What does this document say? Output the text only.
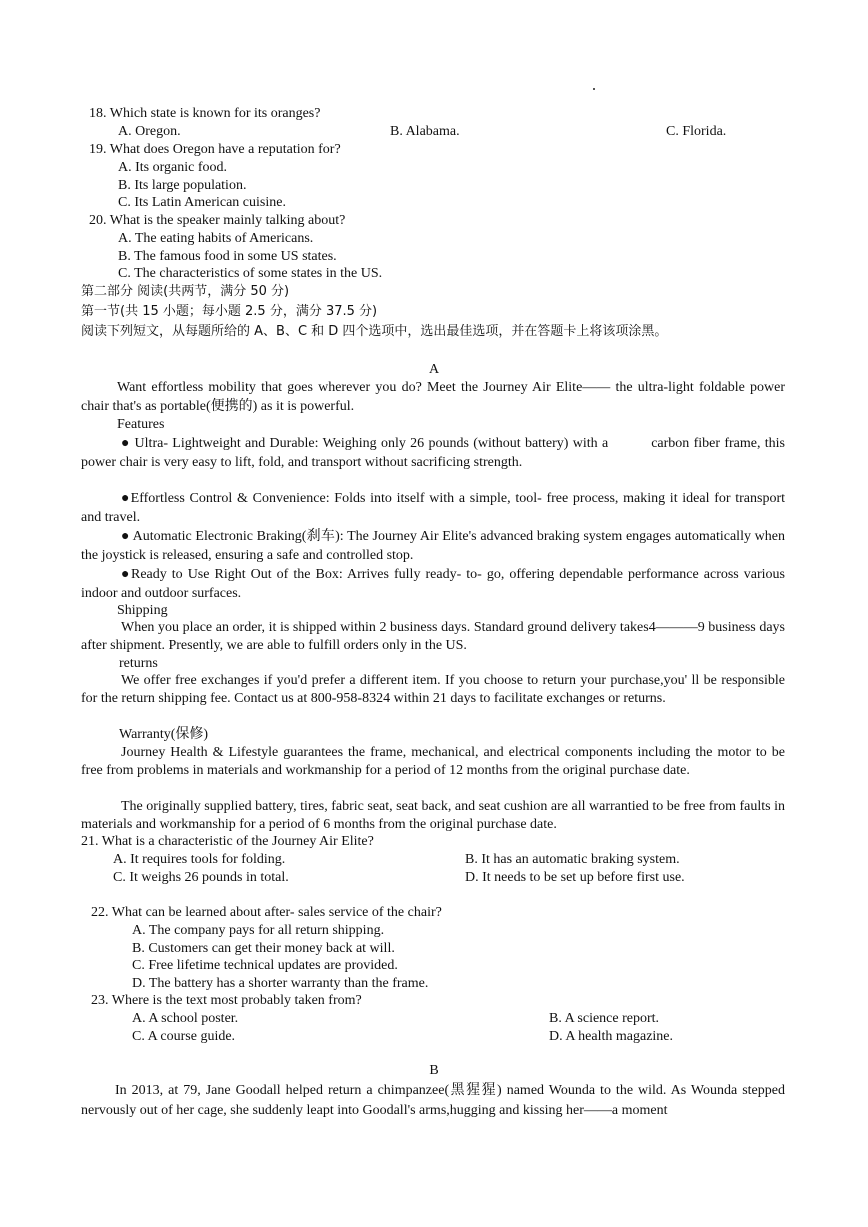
18. Which state is known for its oranges?
A. Oregon.	B. Alabama.	C. Florida.
19. What does Oregon have a reputation for?
A. Its organic food.
B. Its large population.
C. Its Latin American cuisine.
20. What is the speaker mainly talking about?
A. The eating habits of Americans.
B. The famous food in some US states.
C. The characteristics of some states in the US.
第二部分 阅读(共两节，满分 50 分)
第一节(共 15 小题；每小题 2.5 分，满分 37.5 分)
阅读下列短文，从每题所给的 A、B、C 和 D 四个选项中，选出最佳选项，并在答题卡上将该项涂黑。
A
Want effortless mobility that goes wherever you do? Meet the Journey Air Elite—— the ultra-light foldable power chair that's as portable(便携的) as it is powerful.
Features
● Ultra- Lightweight and Durable: Weighing only 26 pounds (without battery) with a          carbon fiber frame, this power chair is very easy to lift, fold, and transport without sacrificing strength.
●Effortless Control & Convenience: Folds into itself with a simple, tool- free process, making it ideal for transport and travel.
● Automatic Electronic Braking(刹车): The Journey Air Elite's advanced braking system engages automatically when the joystick is released, ensuring a safe and controlled stop.
●Ready to Use Right Out of the Box: Arrives fully ready- to- go, offering dependable performance across various indoor and outdoor surfaces.
Shipping
When you place an order, it is shipped within 2 business days. Standard ground delivery takes4———9 business days after shipment. Presently, we are able to fulfill orders only in the US.
returns
We offer free exchanges if you'd prefer a different item. If you choose to return your purchase,you' ll be responsible for the return shipping fee. Contact us at 800-958-8324 within 21 days to facilitate exchanges or returns.
Warranty(保修)
Journey Health & Lifestyle guarantees the frame, mechanical, and electrical components including the motor to be free from problems in materials and workmanship for a period of 12 months from the original purchase date.
The originally supplied battery, tires, fabric seat, seat back, and seat cushion are all warrantied to be free from faults in materials and workmanship for a period of 6 months from the original purchase date.
21. What is a characteristic of the Journey Air Elite?
A. It requires tools for folding.	B. It has an automatic braking system.
C. It weighs 26 pounds in total.	D. It needs to be set up before first use.
22. What can be learned about after- sales service of the chair?
A. The company pays for all return shipping.
B. Customers can get their money back at will.
C. Free lifetime technical updates are provided.
D. The battery has a shorter warranty than the frame.
23. Where is the text most probably taken from?
A. A school poster.	B. A science report.
C. A course guide.	D. A health magazine.
B
In 2013, at 79, Jane Goodall helped return a chimpanzee(黑猩猩) named Wounda to the wild. As Wounda stepped nervously out of her cage, she suddenly leapt into Goodall's arms,hugging and kissing her——a moment
